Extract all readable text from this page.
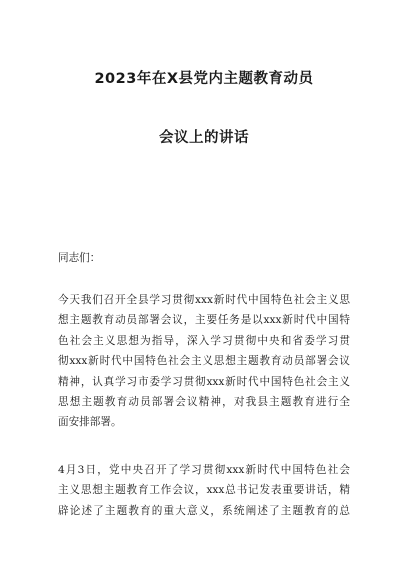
2023年在X县党内主题教育动员
会议上的讲话
同志们：
今天我们召开全县学习贯彻xxx新时代中国特色社会主义思
想主题教育动员部署会议，主要任务是以xxx新时代中国特
色社会主义思想为指导，深入学习贯彻中央和省委学习贯
彻xxx新时代中国特色社会主义思想主题教育动员部署会议
精神，认真学习市委学习贯彻xxx新时代中国特色社会主义
思想主题教育动员部署会议精神，对我县主题教育进行全
面安排部署。
4月3日，党中央召开了学习贯彻xxx新时代中国特色社会
主义思想主题教育工作会议，xxx总书记发表重要讲话，精
辟论述了主题教育的重大意义，系统阐述了主题教育的总
